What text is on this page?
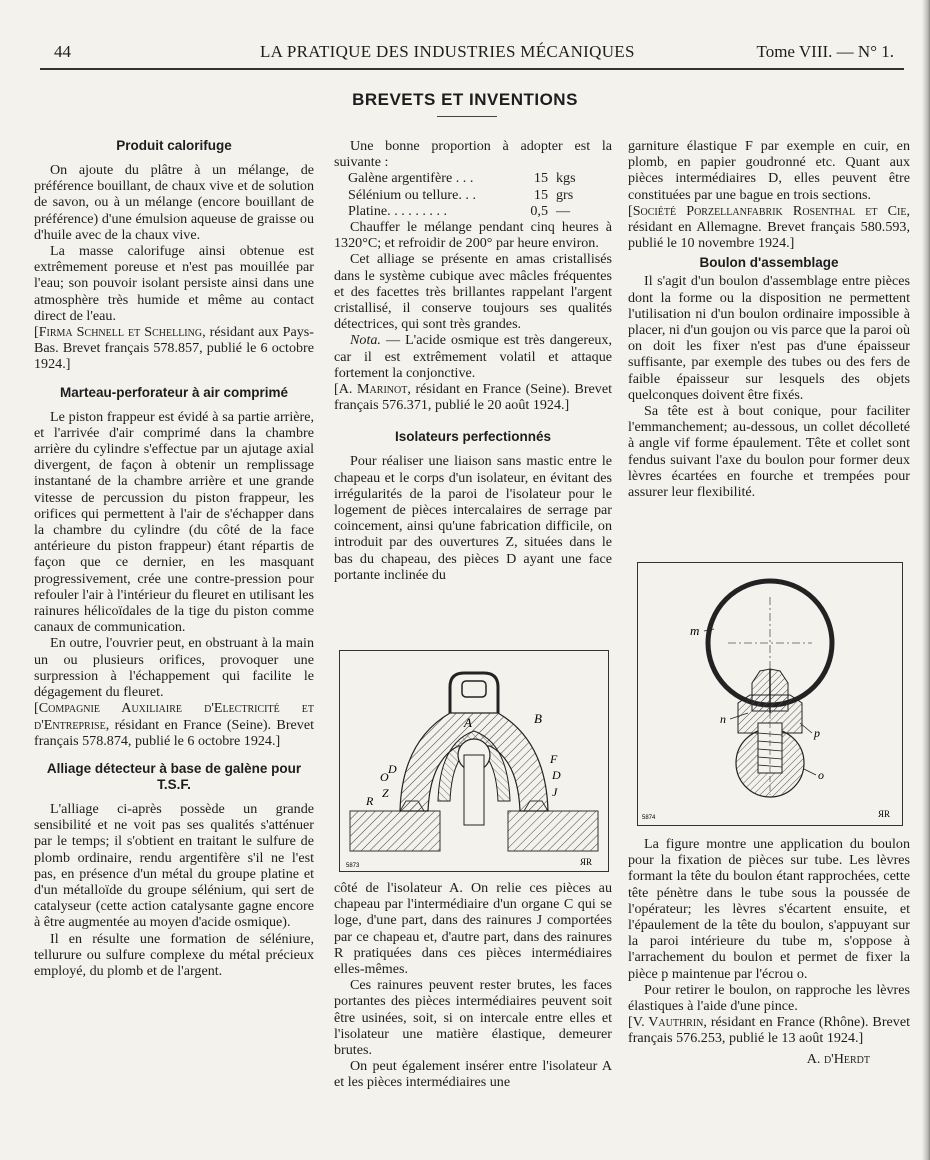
44	LA PRATIQUE DES INDUSTRIES MÉCANIQUES	Tome VIII. — N° 1.
BREVETS ET INVENTIONS
Produit calorifuge

On ajoute du plâtre à un mélange, de préférence bouillant, de chaux vive et de solution de savon, ou à un mélange (encore bouillant de préférence) d'une émulsion aqueuse de graisse ou d'huile avec de la chaux vive.

La masse calorifuge ainsi obtenue est extrêmement poreuse et n'est pas mouillée par l'eau; son pouvoir isolant persiste ainsi dans une atmosphère très humide et même au contact direct de l'eau.

[Firma Schnell et Schelling, résidant aux Pays-Bas. Brevet français 578.857, publié le 6 octobre 1924.]

Marteau-perforateur à air comprimé

Le piston frappeur est évidé à sa partie arrière, et l'arrivée d'air comprimé dans la chambre arrière du cylindre s'effectue par un ajutage axial divergent, de façon à obtenir un remplissage instantané de la chambre arrière et une grande vitesse de percussion du piston frappeur, les orifices qui permettent à l'air de s'échapper dans la chambre du cylindre (du côté de la face antérieure du piston frappeur) étant répartis de façon que ce dernier, en les masquant progressivement, crée une contre-pression pour refouler l'air à l'intérieur du fleuret en utilisant les rainures hélicoïdales de la tige du piston comme canaux de communication.

En outre, l'ouvrier peut, en obstruant à la main un ou plusieurs orifices, provoquer une surpression à l'échappement qui facilite le dégagement du fleuret.

[Compagnie Auxiliaire d'Electricité et d'Entreprise, résidant en France (Seine). Brevet français 578.874, publié le 6 octobre 1924.]

Alliage détecteur à base de galène pour T.S.F.

L'alliage ci-après possède un grande sensibilité et ne voit pas ses qualités s'atténuer par le temps; il s'obtient en traitant le sulfure de plomb ordinaire, rendu argentifère s'il ne l'est pas, en présence d'un métal du groupe platine et d'un métalloïde du groupe sélénium, qui sert de catalyseur (cette action catalysante gagne encore à être augmentée au moyen d'acide osmique).

Il en résulte une formation de séléniure, tellurure ou sulfure complexe du métal précieux employé, du plomb et de l'argent.

Une bonne proportion à adopter est la suivante :

Galène argentifère . . .	15 kgs
Sélénium ou tellure. . .	15 grs
Platine. . . . . . . . .	0,5 —

Chauffer le mélange pendant cinq heures à 1320°C; et refroidir de 200° par heure environ.

Cet alliage se présente en amas cristallisés dans le système cubique avec mâcles fréquentes et des facettes très brillantes rappelant l'argent cristallisé, il conserve toujours ses qualités détectrices, qui sont très grandes.

Nota. — L'acide osmique est très dangereux, car il est extrêmement volatil et attaque fortement la conjonctive.

[A. Marinot, résidant en France (Seine). Brevet français 576.371, publié le 20 août 1924.]

Isolateurs perfectionnés

Pour réaliser une liaison sans mastic entre le chapeau et le corps d'un isolateur, en évitant des irrégularités de la paroi de l'isolateur pour le logement de pièces intercalaires de serrage par coincement, ainsi qu'une fabrication difficile, on introduit par des ouvertures Z, situées dans le bas du chapeau, des pièces D ayant une face portante inclinée du

A	B
F
D
J
D
O
Z
R
5873	ЯR

côté de l'isolateur A. On relie ces pièces au chapeau par l'intermédiaire d'un organe C qui se loge, d'une part, dans des rainures J comportées par ce chapeau et, d'autre part, dans des rainures R pratiquées dans ces pièces intermédiaires elles-mêmes.

Ces rainures peuvent rester brutes, les faces portantes des pièces intermédiaires peuvent soit être usinées, soit, si on intercale entre elles et l'isolateur une matière élastique, demeurer brutes.

On peut également insérer entre l'isolateur A et les pièces intermédiaires une

garniture élastique F par exemple en cuir, en plomb, en papier goudronné etc. Quant aux pièces intermédiaires D, elles peuvent être constituées par une bague en trois sections.

[Société Porzellanfabrik Rosenthal et Cie, résidant en Allemagne. Brevet français 580.593, publié le 10 novembre 1924.]

Boulon d'assemblage

Il s'agit d'un boulon d'assemblage entre pièces dont la forme ou la disposition ne permettent l'utilisation ni d'un boulon ordinaire impossible à placer, ni d'un goujon ou vis parce que la paroi où on doit les fixer n'est pas d'une épaisseur suffisante, par exemple des tubes ou des fers de faible épaisseur sur lesquels des objets quelconques doivent être fixés.

Sa tête est à bout conique, pour faciliter l'emmanchement; au-dessous, un collet décolleté à angle vif forme épaulement. Tête et collet sont fendus suivant l'axe du boulon pour former deux lèvres écartées en fourche et trempées pour assurer leur flexibilité.

m
n
p
o
5874	ЯR

La figure montre une application du boulon pour la fixation de pièces sur tube. Les lèvres formant la tête du boulon étant rapprochées, cette tête pénètre dans le tube sous la poussée de l'opérateur; les lèvres s'écartent ensuite, et l'épaulement de la tête du boulon, s'appuyant sur la paroi intérieure du tube m, s'oppose à l'arrachement du boulon et permet de fixer la pièce p maintenue par l'écrou o.

Pour retirer le boulon, on rapproche les lèvres élastiques à l'aide d'une pince.

[V. Vauthrin, résidant en France (Rhône). Brevet français 576.253, publié le 13 août 1924.]

A. d'Herdt
